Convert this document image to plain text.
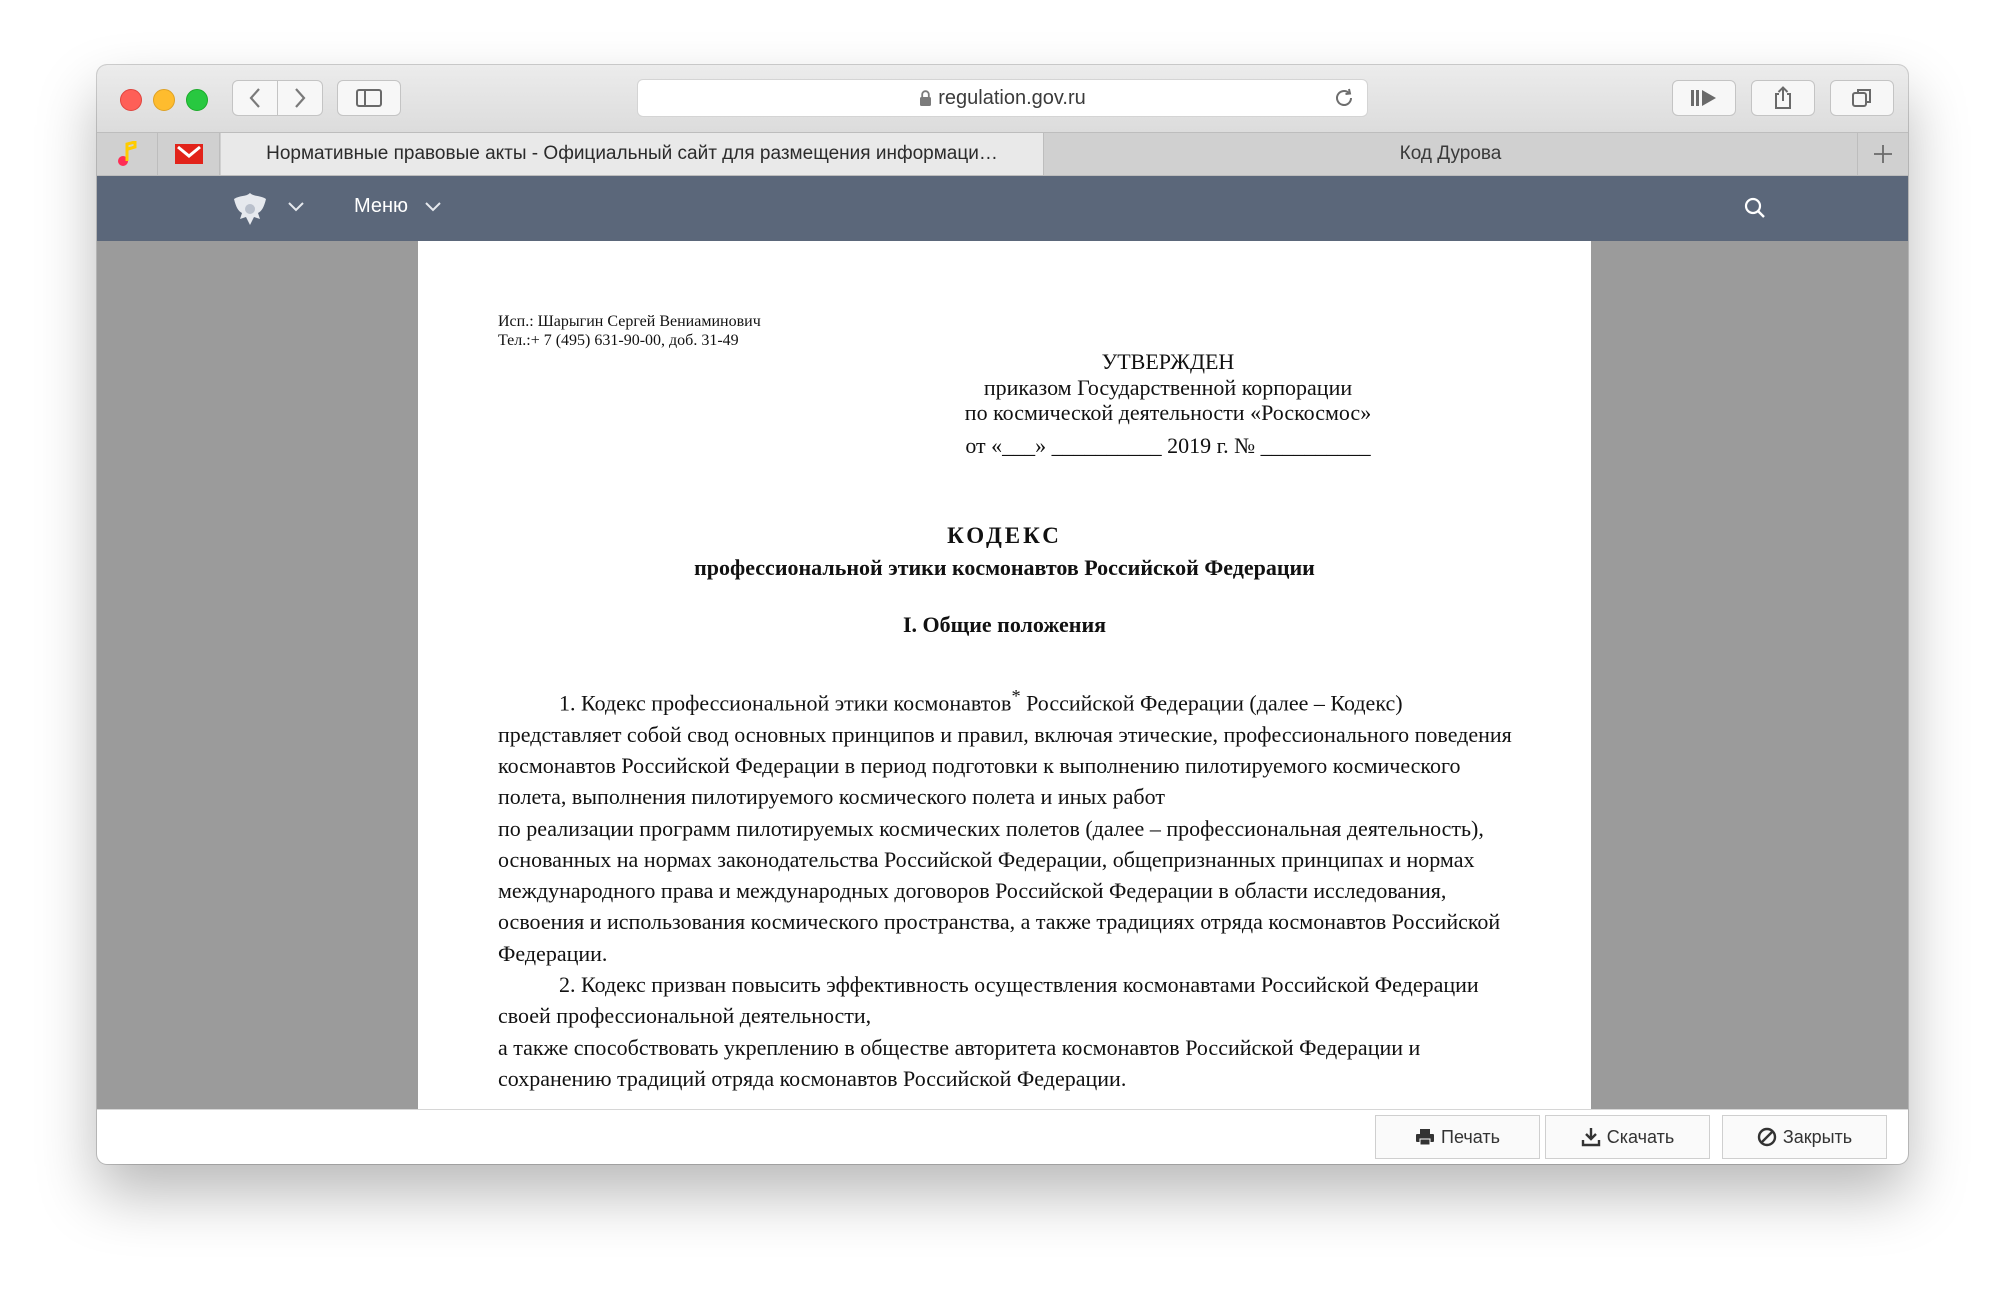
regulation.gov.ru
Нормативные правовые акты - Официальный сайт для размещения информаци…	Код Дурова
Меню
Исп.: Шарыгин Сергей Вениаминович
Тел.:+ 7 (495) 631-90-00, доб. 31-49
УТВЕРЖДЕН
приказом Государственной корпорации
по космической деятельности «Роскосмос»
от «___» __________ 2019 г. № __________
КОДЕКС
профессиональной этики космонавтов Российской Федерации
I. Общие положения

1. Кодекс профессиональной этики космонавтов* Российской Федерации (далее – Кодекс) представляет собой свод основных принципов и правил, включая этические, профессионального поведения космонавтов Российской Федерации в период подготовки к выполнению пилотируемого космического полета, выполнения пилотируемого космического полета и иных работ

по реализации программ пилотируемых космических полетов (далее – профессиональная деятельность), основанных на нормах законодательства Российской Федерации, общепризнанных принципах и нормах международного права и международных договоров Российской Федерации в области исследования, освоения и использования космического пространства, а также традициях отряда космонавтов Российской Федерации.

2. Кодекс призван повысить эффективность осуществления космонавтами Российской Федерации своей профессиональной деятельности,

а также способствовать укреплению в обществе авторитета космонавтов Российской Федерации и сохранению традиций отряда космонавтов Российской Федерации.

Печать	Скачать	Закрыть
